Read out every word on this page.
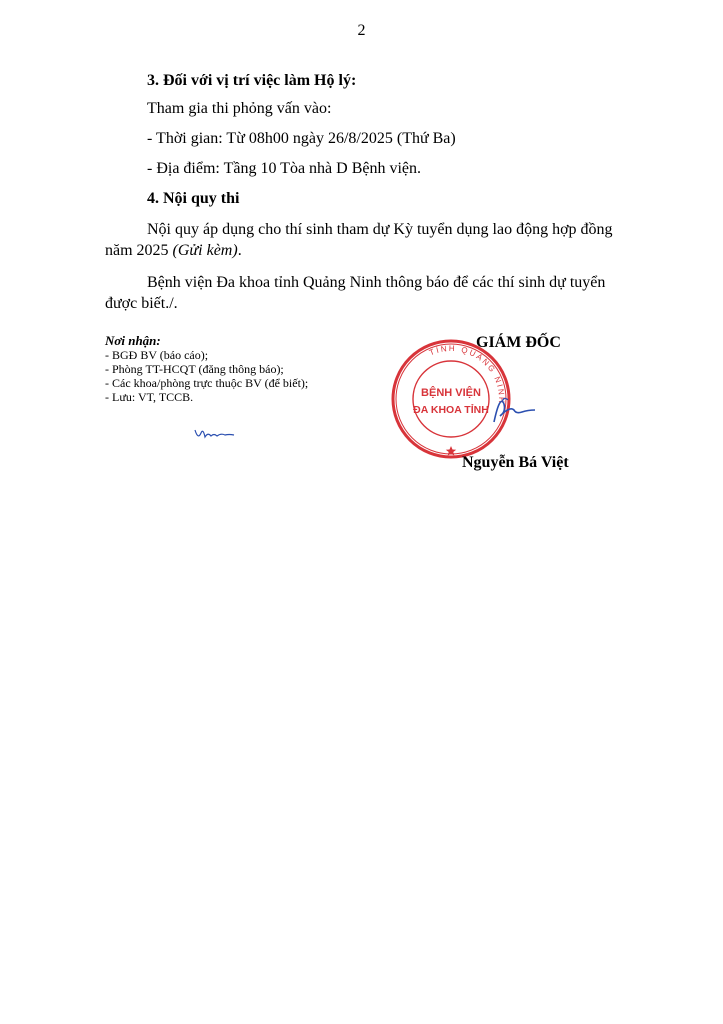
2
3. Đối với vị trí việc làm Hộ lý:
Tham gia thi phỏng vấn vào:
- Thời gian: Từ 08h00 ngày 26/8/2025 (Thứ Ba)
- Địa điểm: Tầng 10 Tòa nhà D Bệnh viện.
4. Nội quy thi
Nội quy áp dụng cho thí sinh tham dự Kỳ tuyển dụng lao động hợp đồng
năm 2025 (Gửi kèm).
Bệnh viện Đa khoa tỉnh Quảng Ninh thông báo để các thí sinh dự tuyển
được biết./.
Nơi nhận:
- BGĐ BV (báo cáo);
- Phòng TT-HCQT (đăng thông báo);
- Các khoa/phòng trực thuộc BV (để biết);
- Lưu: VT, TCCB.
TỈNH QUẢNG NINH
BỆNH VIỆN
ĐA KHOA TỈNH
GIÁM ĐỐC
Nguyễn Bá Việt
